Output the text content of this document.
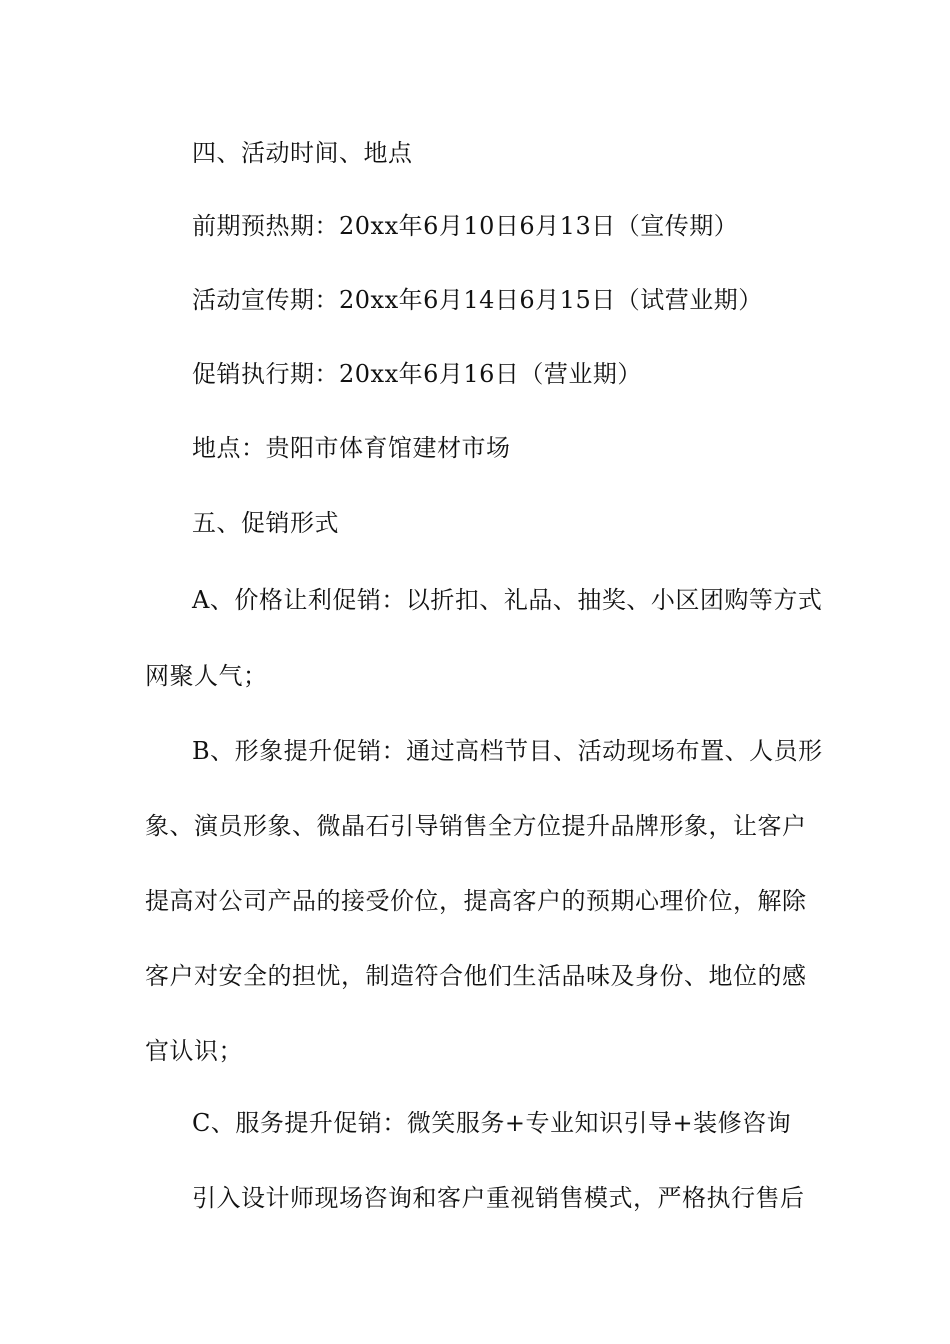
四、活动时间、地点
前期预热期：20xx年6月10日6月13日（宣传期）
活动宣传期：20xx年6月14日6月15日（试营业期）
促销执行期：20xx年6月16日（营业期）
地点：贵阳市体育馆建材市场
五、促销形式
A、价格让利促销：以折扣、礼品、抽奖、小区团购等方式
网聚人气；
B、形象提升促销：通过高档节目、活动现场布置、人员形
象、演员形象、微晶石引导销售全方位提升品牌形象，让客户
提高对公司产品的接受价位，提高客户的预期心理价位，解除
客户对安全的担忧，制造符合他们生活品味及身份、地位的感
官认识；
C、服务提升促销：微笑服务+专业知识引导+装修咨询
引入设计师现场咨询和客户重视销售模式，严格执行售后
